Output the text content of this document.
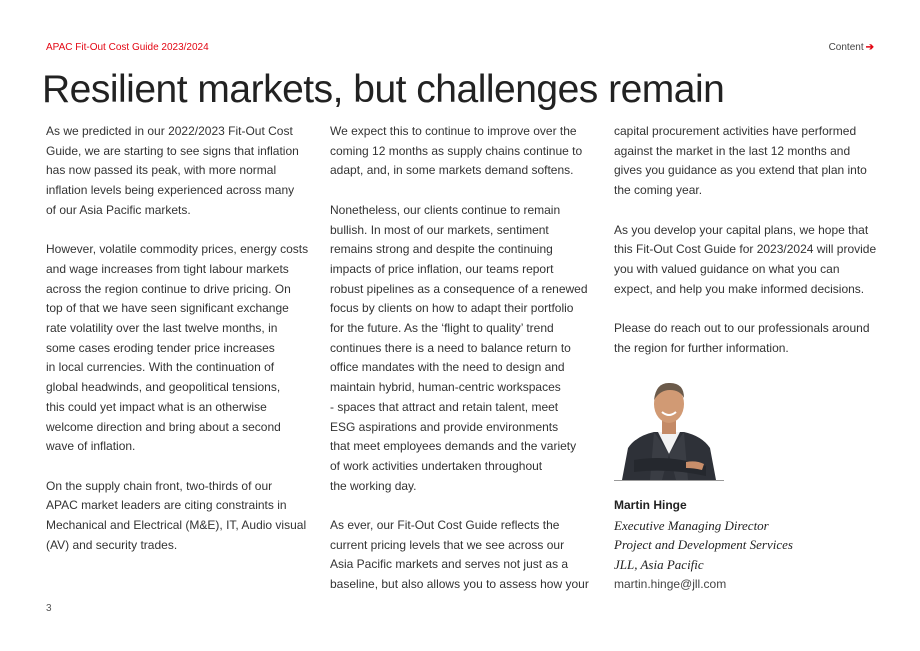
APAC Fit-Out Cost Guide 2023/2024	Content ➔
Resilient markets, but challenges remain

As we predicted in our 2022/2023 Fit-Out Cost
Guide, we are starting to see signs that inflation
has now passed its peak, with more normal
inflation levels being experienced across many
of our Asia Pacific markets.

However, volatile commodity prices, energy costs
and wage increases from tight labour markets
across the region continue to drive pricing. On
top of that we have seen significant exchange
rate volatility over the last twelve months, in
some cases eroding tender price increases
in local currencies. With the continuation of
global headwinds, and geopolitical tensions,
this could yet impact what is an otherwise
welcome direction and bring about a second
wave of inflation.

On the supply chain front, two-thirds of our
APAC market leaders are citing constraints in
Mechanical and Electrical (M&E), IT, Audio visual
(AV) and security trades.

We expect this to continue to improve over the
coming 12 months as supply chains continue to
adapt, and, in some markets demand softens.

Nonetheless, our clients continue to remain
bullish. In most of our markets, sentiment
remains strong and despite the continuing
impacts of price inflation, our teams report
robust pipelines as a consequence of a renewed
focus by clients on how to adapt their portfolio
for the future. As the ‘flight to quality’ trend
continues there is a need to balance return to
office mandates with the need to design and
maintain hybrid, human-centric workspaces
- spaces that attract and retain talent, meet
ESG aspirations and provide environments
that meet employees demands and the variety
of work activities undertaken throughout
the working day.

As ever, our Fit-Out Cost Guide reflects the
current pricing levels that we see across our
Asia Pacific markets and serves not just as a
baseline, but also allows you to assess how your

capital procurement activities have performed
against the market in the last 12 months and
gives you guidance as you extend that plan into
the coming year.

As you develop your capital plans, we hope that
this Fit-Out Cost Guide for 2023/2024 will provide
you with valued guidance on what you can
expect, and help you make informed decisions.

Please do reach out to our professionals around
the region for further information.

Martin Hinge
Executive Managing Director
Project and Development Services
JLL, Asia Pacific
martin.hinge@jll.com
3
